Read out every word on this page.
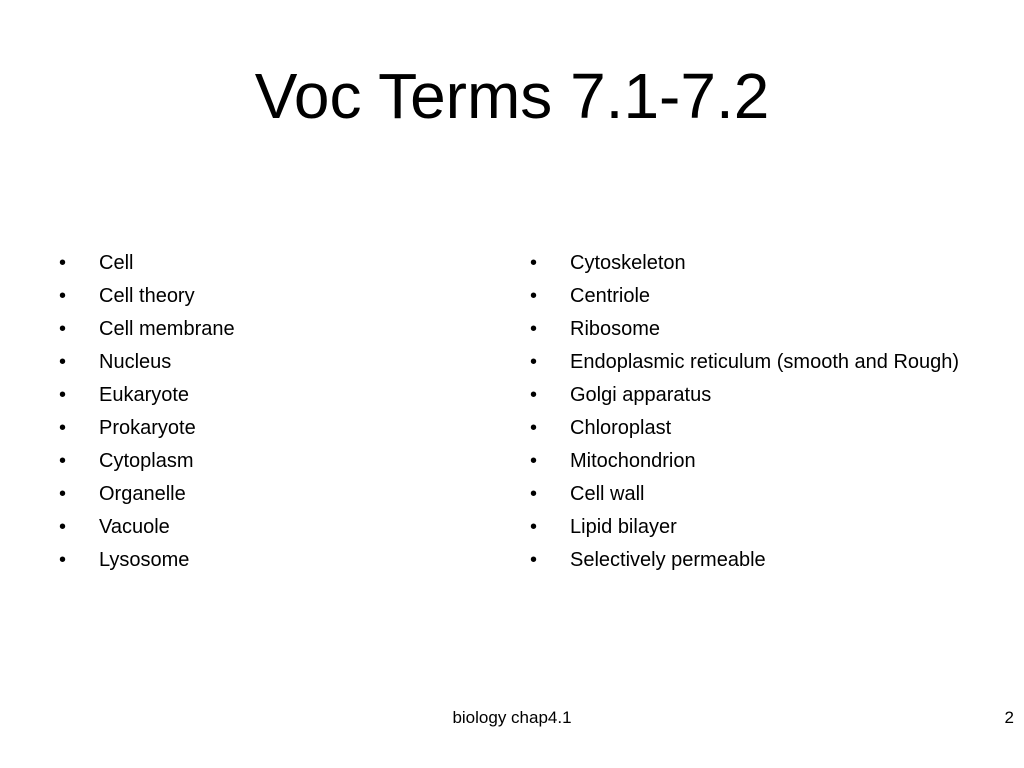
Voc Terms 7.1-7.2
•	Cell
•	Cell theory
•	Cell membrane
•	Nucleus
•	Eukaryote
•	Prokaryote
•	Cytoplasm
•	Organelle
•	Vacuole
•	Lysosome
•	Cytoskeleton
•	Centriole
•	Ribosome
•	Endoplasmic reticulum (smooth and Rough)
•	Golgi apparatus
•	Chloroplast
•	Mitochondrion
•	Cell wall
•	Lipid bilayer
•	Selectively permeable
biology chap4.1	2
